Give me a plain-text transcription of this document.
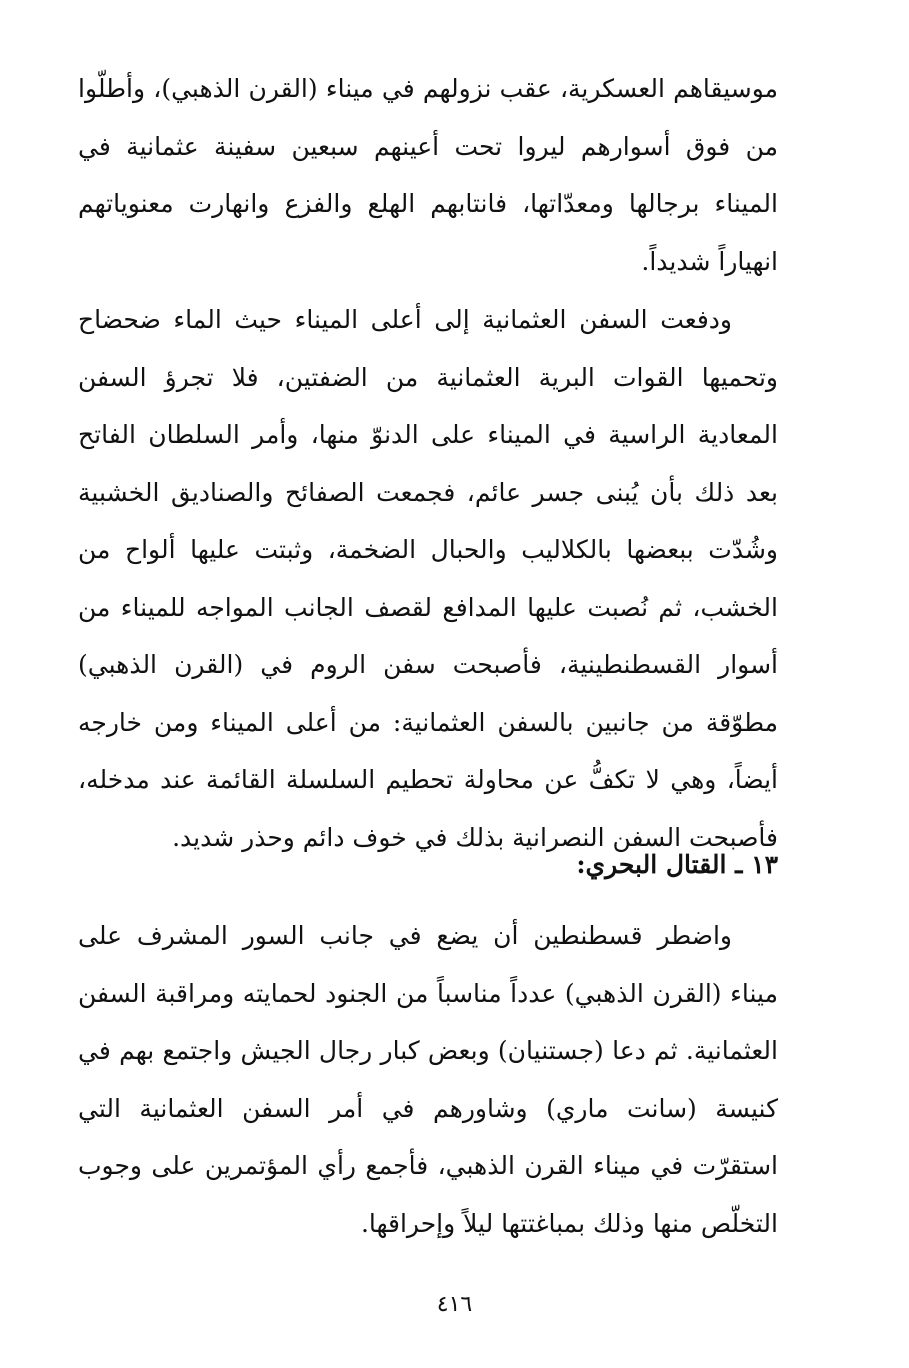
موسيقاهم العسكرية، عقب نزولهم في ميناء (القرن الذهبي)، وأطلّوا من فوق أسوارهم ليروا تحت أعينهم سبعين سفينة عثمانية في الميناء برجالها ومعدّاتها، فانتابهم الهلع والفزع وانهارت معنوياتهم انهياراً شديداً.

ودفعت السفن العثمانية إلى أعلى الميناء حيث الماء ضحضاح وتحميها القوات البرية العثمانية من الضفتين، فلا تجرؤ السفن المعادية الراسية في الميناء على الدنوّ منها، وأمر السلطان الفاتح بعد ذلك بأن يُبنى جسر عائم، فجمعت الصفائح والصناديق الخشبية وشُدّت ببعضها بالكلاليب والحبال الضخمة، وثبتت عليها ألواح من الخشب، ثم نُصبت عليها المدافع لقصف الجانب المواجه للميناء من أسوار القسطنطينية، فأصبحت سفن الروم في (القرن الذهبي) مطوّقة من جانبين بالسفن العثمانية: من أعلى الميناء ومن خارجه أيضاً، وهي لا تكفُّ عن محاولة تحطيم السلسلة القائمة عند مدخله، فأصبحت السفن النصرانية بذلك في خوف دائم وحذر شديد.

١٣ ـ القتال البحري:

واضطر قسطنطين أن يضع في جانب السور المشرف على ميناء (القرن الذهبي) عدداً مناسباً من الجنود لحمايته ومراقبة السفن العثمانية. ثم دعا (جستنيان) وبعض كبار رجال الجيش واجتمع بهم في كنيسة (سانت ماري) وشاورهم في أمر السفن العثمانية التي استقرّت في ميناء القرن الذهبي، فأجمع رأي المؤتمرين على وجوب التخلّص منها وذلك بمباغتتها ليلاً وإحراقها.

٤١٦
